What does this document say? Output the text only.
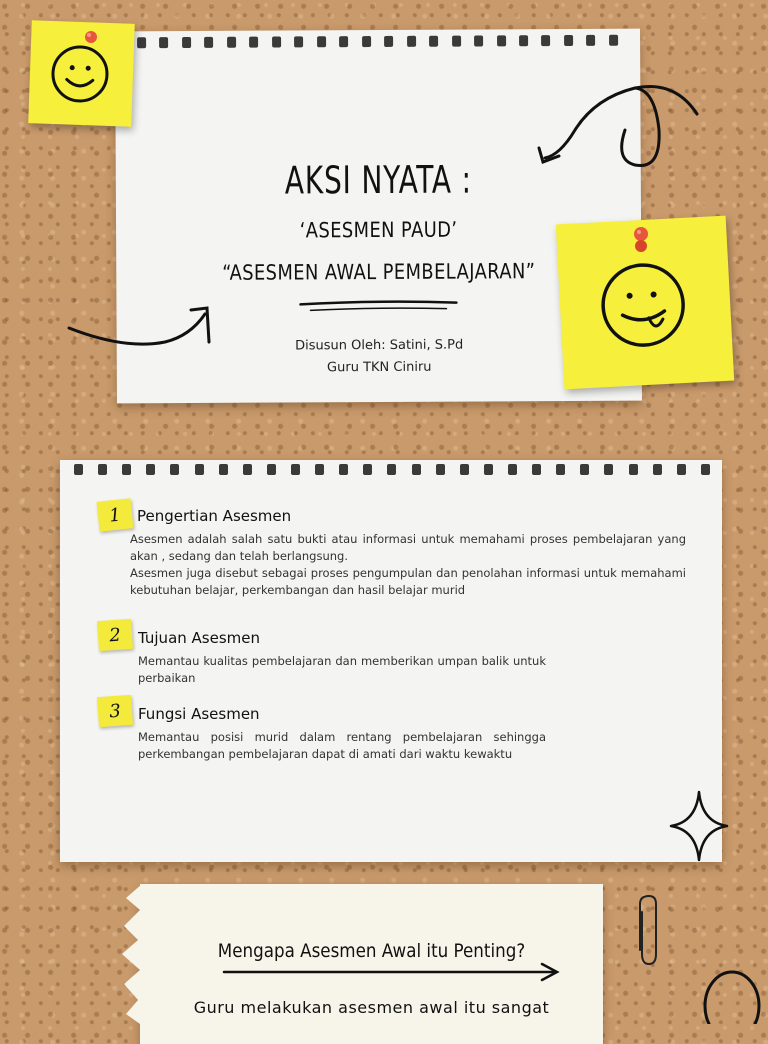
AKSI NYATA :
‘ASESMEN PAUD’
“ASESMEN AWAL PEMBELAJARAN”
Disusun Oleh: Satini, S.Pd
Guru TKN Ciniru
1	Pengertian Asesmen
Asesmen adalah salah satu bukti atau informasi untuk memahami proses pembelajaran yang akan , sedang dan telah berlangsung.
Asesmen juga disebut sebagai proses pengumpulan dan penolahan informasi untuk memahami kebutuhan belajar, perkembangan dan hasil belajar murid
2	Tujuan Asesmen
Memantau kualitas pembelajaran dan memberikan umpan balik untuk perbaikan
3	Fungsi Asesmen
Memantau posisi murid dalam rentang pembelajaran sehingga perkembangan pembelajaran dapat di amati dari waktu kewaktu
Mengapa Asesmen Awal itu Penting?
Guru melakukan asesmen awal itu sangat
